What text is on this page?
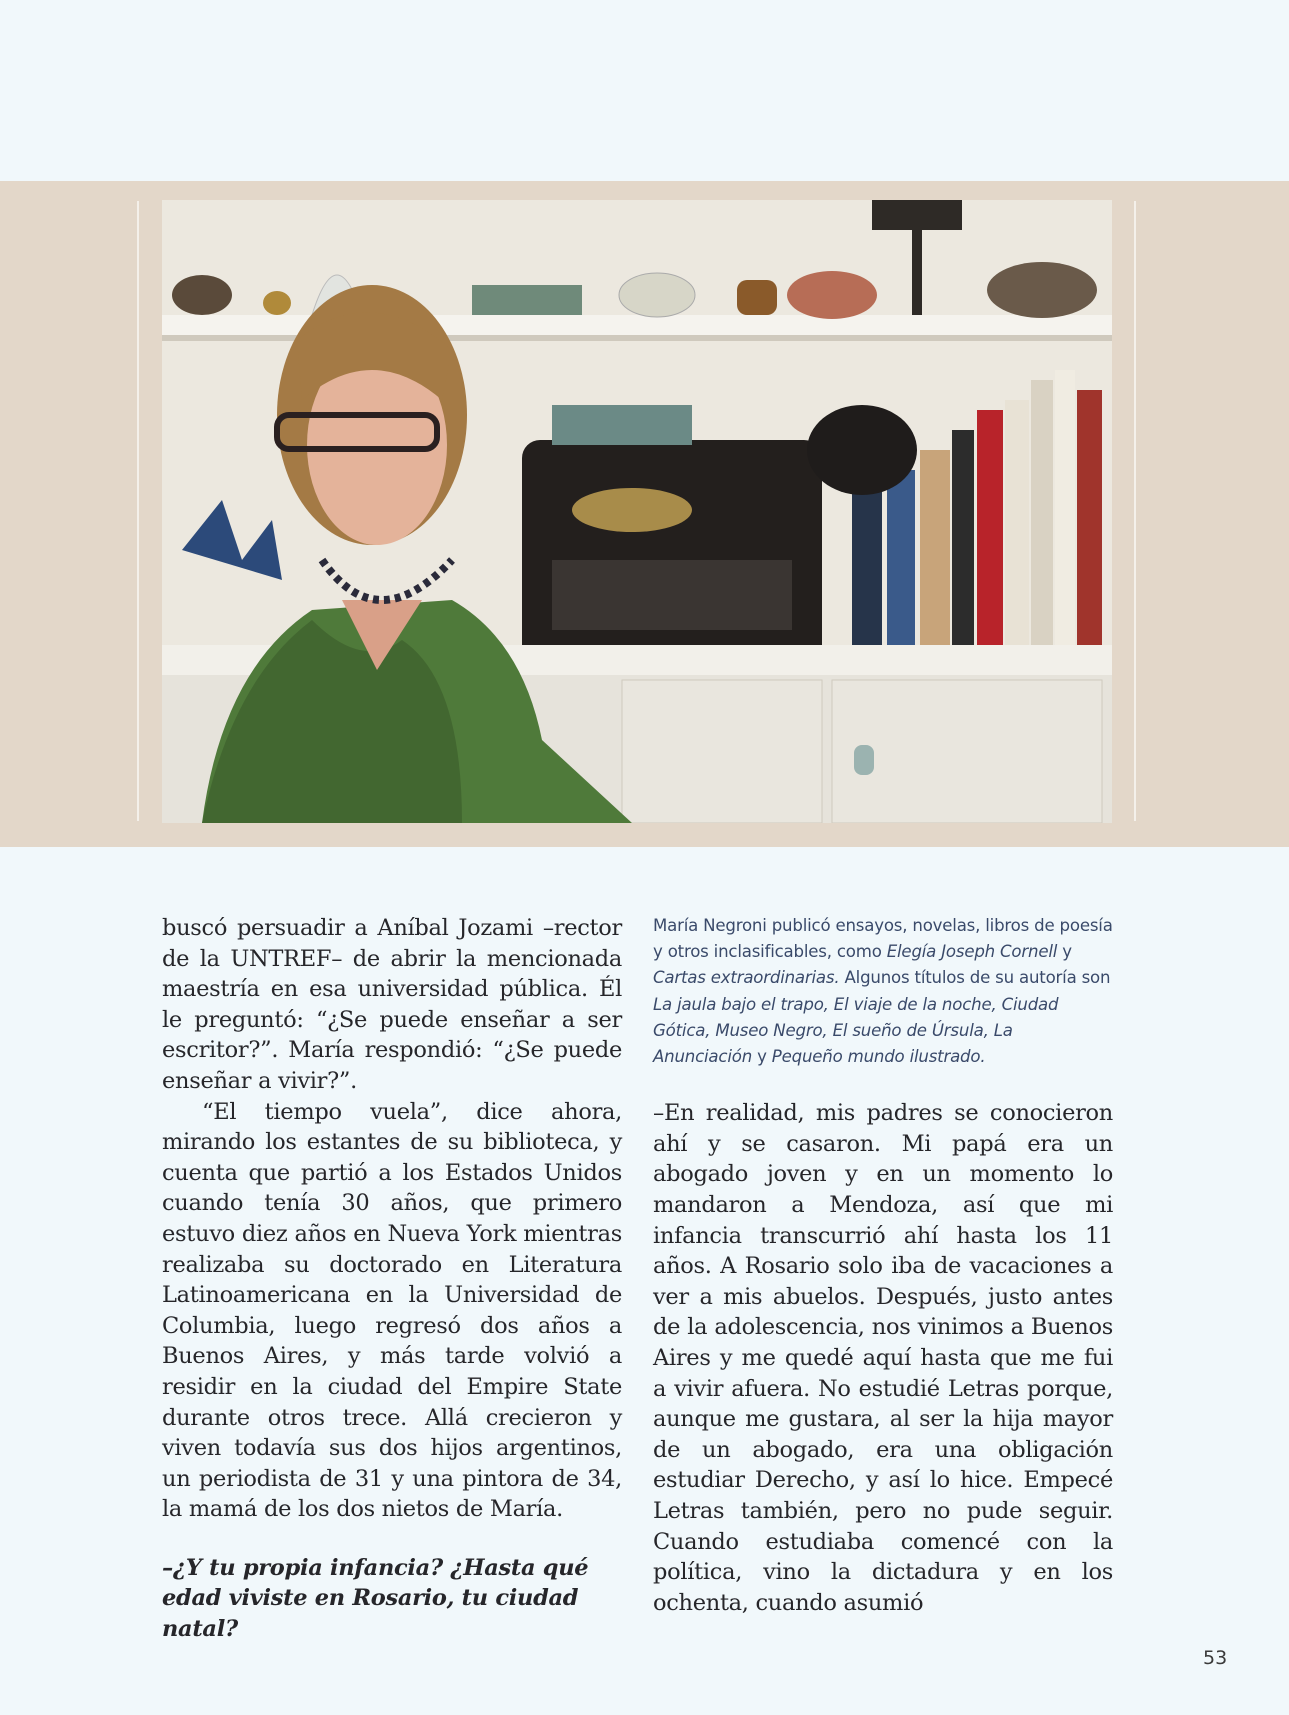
buscó persuadir a Aníbal Jozami –rector de la UNTREF– de abrir la mencionada maestría en esa universidad pública. Él le preguntó: “¿Se puede enseñar a ser escritor?”. María respondió: “¿Se puede enseñar a vivir?”.

“El tiempo vuela”, dice ahora, mirando los estantes de su biblioteca, y cuenta que partió a los Estados Unidos cuando tenía 30 años, que primero estuvo diez años en Nueva York mientras realizaba su doctorado en Literatura Latinoamericana en la Universidad de Columbia, luego regresó dos años a Buenos Aires, y más tarde volvió a residir en la ciudad del Empire State durante otros trece. Allá crecieron y viven todavía sus dos hijos argentinos, un periodista de 31 y una pintora de 34, la mamá de los dos nietos de María.

–¿Y tu propia infancia? ¿Hasta qué edad viviste en Rosario, tu ciudad natal?

María Negroni publicó ensayos, novelas, libros de poesía y otros inclasificables, como Elegía Joseph Cornell y Cartas extraordinarias. Algunos títulos de su autoría son La jaula bajo el trapo, El viaje de la noche, Ciudad Gótica, Museo Negro, El sueño de Úrsula, La Anunciación y Pequeño mundo ilustrado.

–En realidad, mis padres se conocieron ahí y se casaron. Mi papá era un abogado joven y en un momento lo mandaron a Mendoza, así que mi infancia transcurrió ahí hasta los 11 años. A Rosario solo iba de vacaciones a ver a mis abuelos. Después, justo antes de la adolescencia, nos vinimos a Buenos Aires y me quedé aquí hasta que me fui a vivir afuera. No estudié Letras porque, aunque me gustara, al ser la hija mayor de un abogado, era una obligación estudiar Derecho, y así lo hice. Empecé Letras también, pero no pude seguir. Cuando estudiaba comencé con la política, vino la dictadura y en los ochenta, cuando asumió

53
